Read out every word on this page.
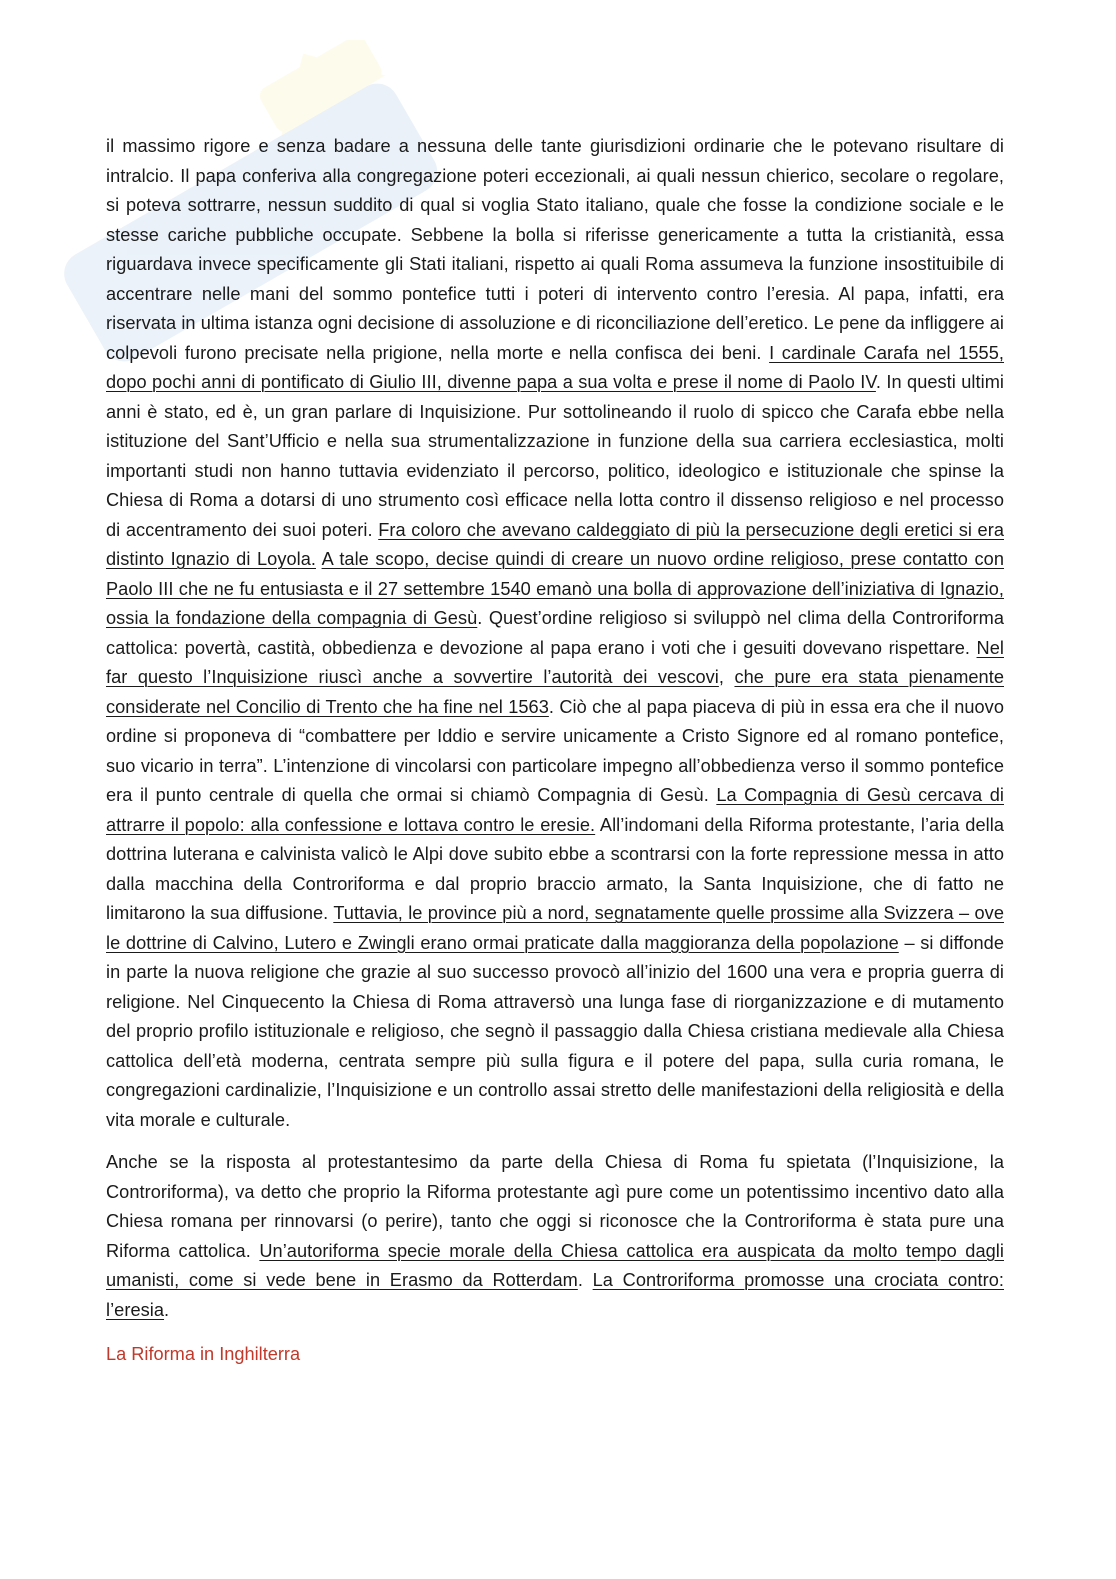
il massimo rigore e senza badare a nessuna delle tante giurisdizioni ordinarie che le potevano risultare di intralcio. Il papa conferiva alla congregazione poteri eccezionali, ai quali nessun chierico, secolare o regolare, si poteva sottrarre, nessun suddito di qual si voglia Stato italiano, quale che fosse la condizione sociale e le stesse cariche pubbliche occupate. Sebbene la bolla si riferisse genericamente a tutta la cristianità, essa riguardava invece specificamente gli Stati italiani, rispetto ai quali Roma assumeva la funzione insostituibile di accentrare nelle mani del sommo pontefice tutti i poteri di intervento contro l’eresia. Al papa, infatti, era riservata in ultima istanza ogni decisione di assoluzione e di riconciliazione dell’eretico. Le pene da infliggere ai colpevoli furono precisate nella prigione, nella morte e nella confisca dei beni. I cardinale Carafa nel 1555, dopo pochi anni di pontificato di Giulio III, divenne papa a sua volta e prese il nome di Paolo IV. In questi ultimi anni è stato, ed è, un gran parlare di Inquisizione. Pur sottolineando il ruolo di spicco che Carafa ebbe nella istituzione del Sant’Ufficio e nella sua strumentalizzazione in funzione della sua carriera ecclesiastica, molti importanti studi non hanno tuttavia evidenziato il percorso, politico, ideologico e istituzionale che spinse la Chiesa di Roma a dotarsi di uno strumento così efficace nella lotta contro il dissenso religioso e nel processo di accentramento dei suoi poteri. Fra coloro che avevano caldeggiato di più la persecuzione degli eretici si era distinto Ignazio di Loyola. A tale scopo, decise quindi di creare un nuovo ordine religioso, prese contatto con Paolo III che ne fu entusiasta e il 27 settembre 1540 emanò una bolla di approvazione dell’iniziativa di Ignazio, ossia la fondazione della compagnia di Gesù. Quest’ordine religioso si sviluppò nel clima della Controriforma cattolica: povertà, castità, obbedienza e devozione al papa erano i voti che i gesuiti dovevano rispettare. Nel far questo l’Inquisizione riuscì anche a sovvertire l’autorità dei vescovi, che pure era stata pienamente considerate nel Concilio di Trento che ha fine nel 1563. Ciò che al papa piaceva di più in essa era che il nuovo ordine si proponeva di “combattere per Iddio e servire unicamente a Cristo Signore ed al romano pontefice, suo vicario in terra”. L’intenzione di vincolarsi con particolare impegno all’obbedienza verso il sommo pontefice era il punto centrale di quella che ormai si chiamò Compagnia di Gesù. La Compagnia di Gesù cercava di attrarre il popolo: alla confessione e lottava contro le eresie. All’indomani della Riforma protestante, l’aria della dottrina luterana e calvinista valicò le Alpi dove subito ebbe a scontrarsi con la forte repressione messa in atto dalla macchina della Controriforma e dal proprio braccio armato, la Santa Inquisizione, che di fatto ne limitarono la sua diffusione. Tuttavia, le province più a nord, segnatamente quelle prossime alla Svizzera – ove le dottrine di Calvino, Lutero e Zwingli erano ormai praticate dalla maggioranza della popolazione – si diffonde in parte la nuova religione che grazie al suo successo provocò all’inizio del 1600 una vera e propria guerra di religione. Nel Cinquecento la Chiesa di Roma attraversò una lunga fase di riorganizzazione e di mutamento del proprio profilo istituzionale e religioso, che segnò il passaggio dalla Chiesa cristiana medievale alla Chiesa cattolica dell’età moderna, centrata sempre più sulla figura e il potere del papa, sulla curia romana, le congregazioni cardinalizie, l’Inquisizione e un controllo assai stretto delle manifestazioni della religiosità e della vita morale e culturale.

Anche se la risposta al protestantesimo da parte della Chiesa di Roma fu spietata (l’Inquisizione, la Controriforma), va detto che proprio la Riforma protestante agì pure come un potentissimo incentivo dato alla Chiesa romana per rinnovarsi (o perire), tanto che oggi si riconosce che la Controriforma è stata pure una Riforma cattolica. Un’autoriforma specie morale della Chiesa cattolica era auspicata da molto tempo dagli umanisti, come si vede bene in Erasmo da Rotterdam. La Controriforma promosse una crociata contro: l’eresia.

La Riforma in Inghilterra
